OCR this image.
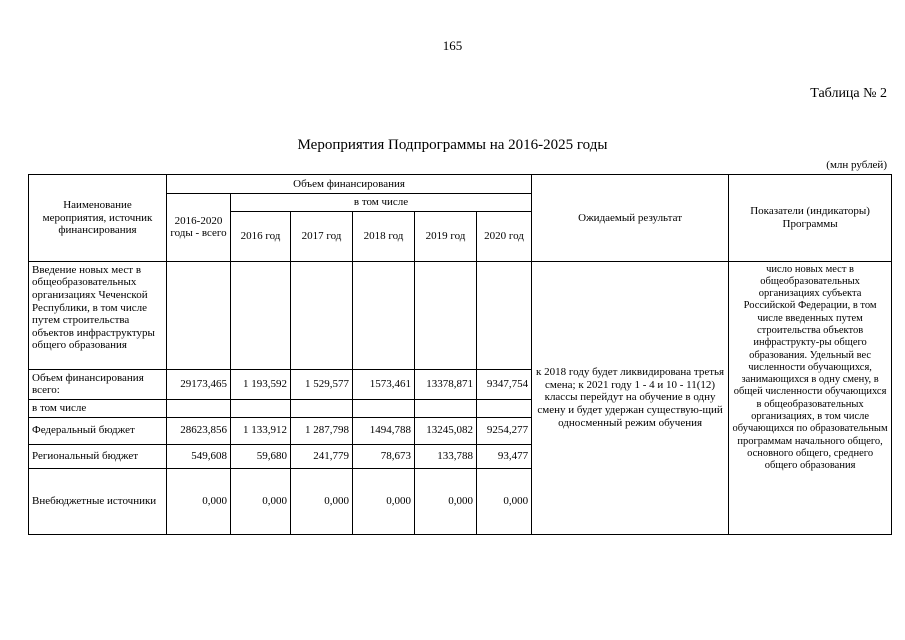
165
Таблица № 2
Мероприятия Подпрограммы на 2016-2025 годы
(млн рублей)
Наименование мероприятия, источник финансирования	Объем финансирования						Ожидаемый результат	Показатели (индикаторы) Программы
	2016-2020 годы - всего	в том числе						
		2016 год	2017 год	2018 год	2019 год	2020 год		
Введение новых мест в общеобразовательных организациях Чеченской Республики, в том числе путем строительства объектов инфраструктуры общего образования							к 2018 году будет ликвидирована третья смена; к 2021 году 1 - 4 и 10 - 11(12) классы перейдут на обучение в одну смену и будет удержан существую-щий односменный режим обучения	число новых мест в общеобразовательных организациях субъекта Российской Федерации, в том числе введенных путем строительства объектов инфраструкту-ры общего образования. Удельный вес численности обучающихся, занимающихся в одну смену, в общей численности обучающихся в общеобразовательных организациях, в том числе обучающихся по образовательным программам начального общего, основного общего, среднего общего образования
Объем финансирования всего:	29173,465	1 193,592	1 529,577	1573,461	13378,871	9347,754		
в том числе								
Федеральный бюджет	28623,856	1 133,912	1 287,798	1494,788	13245,082	9254,277		
Региональный бюджет	549,608	59,680	241,779	78,673	133,788	93,477		
Внебюджетные источники	0,000	0,000	0,000	0,000	0,000	0,000		
